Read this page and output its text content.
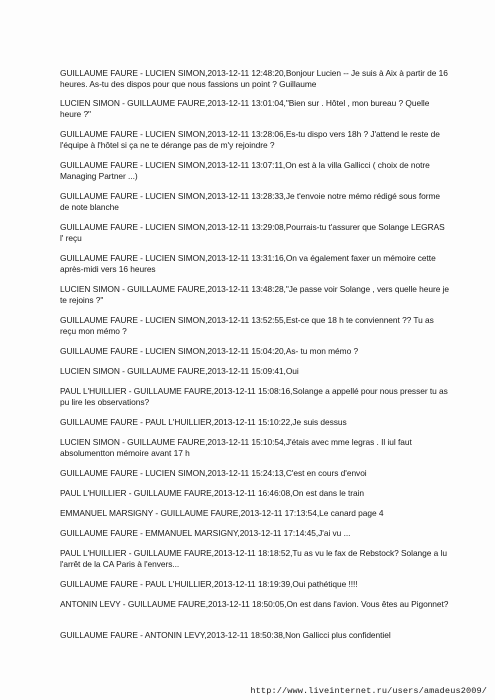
GUILLAUME FAURE - LUCIEN SIMON,2013-12-11 12:48:20,Bonjour Lucien -- Je suis à Aix à partir de 16 heures. As-tu des dispos pour que nous fassions un point ? Guillaume
LUCIEN SIMON - GUILLAUME FAURE,2013-12-11 13:01:04,"Bien sur . Hôtel , mon bureau ? Quelle heure ?"
GUILLAUME FAURE - LUCIEN SIMON,2013-12-11 13:28:06,Es-tu dispo vers 18h ? J'attend le reste de l'équipe à l'hôtel si ça ne te dérange pas de m'y rejoindre ?
GUILLAUME FAURE - LUCIEN SIMON,2013-12-11 13:07:11,On est à la villa Gallicci ( choix de notre Managing Partner ...)
GUILLAUME FAURE - LUCIEN SIMON,2013-12-11 13:28:33,Je t'envoie notre mémo rédigé sous forme de note blanche
GUILLAUME FAURE - LUCIEN SIMON,2013-12-11 13:29:08,Pourrais-tu t'assurer que Solange LEGRAS l' reçu
GUILLAUME FAURE - LUCIEN SIMON,2013-12-11 13:31:16,On va également faxer un mémoire cette après-midi vers 16 heures
LUCIEN SIMON - GUILLAUME FAURE,2013-12-11 13:48:28,"Je passe voir Solange , vers quelle heure je te rejoins ?"
GUILLAUME FAURE - LUCIEN SIMON,2013-12-11 13:52:55,Est-ce que 18 h te conviennent ?? Tu as reçu mon mémo ?
GUILLAUME FAURE - LUCIEN SIMON,2013-12-11 15:04:20,As- tu mon mémo ?
LUCIEN SIMON - GUILLAUME FAURE,2013-12-11 15:09:41,Oui
PAUL L'HUILLIER - GUILLAUME FAURE,2013-12-11 15:08:16,Solange a appellé pour nous presser tu as pu lire les observations?
GUILLAUME FAURE - PAUL L'HUILLIER,2013-12-11 15:10:22,Je suis dessus
LUCIEN SIMON - GUILLAUME FAURE,2013-12-11 15:10:54,J'étais avec mme legras . Il iul faut absolumentton mémoire avant 17 h
GUILLAUME FAURE - LUCIEN SIMON,2013-12-11 15:24:13,C'est en cours d'envoi
PAUL L'HUILLIER - GUILLAUME FAURE,2013-12-11 16:46:08,On est dans le train
EMMANUEL MARSIGNY - GUILLAUME FAURE,2013-12-11 17:13:54,Le canard page 4
GUILLAUME FAURE - EMMANUEL MARSIGNY,2013-12-11 17:14:45,J'ai vu ...
PAUL L'HUILLIER - GUILLAUME FAURE,2013-12-11 18:18:52,Tu as vu le fax de Rebstock? Solange a lu l'arrêt de la CA Paris à l'envers...
GUILLAUME FAURE - PAUL L'HUILLIER,2013-12-11 18:19:39,Oui pathétique !!!!
ANTONIN LEVY - GUILLAUME FAURE,2013-12-11 18:50:05,On est dans l'avion. Vous êtes au Pigonnet?
GUILLAUME FAURE - ANTONIN LEVY,2013-12-11 18:50:38,Non Gallicci plus confidentiel
http://www.liveinternet.ru/users/amadeus2009/
